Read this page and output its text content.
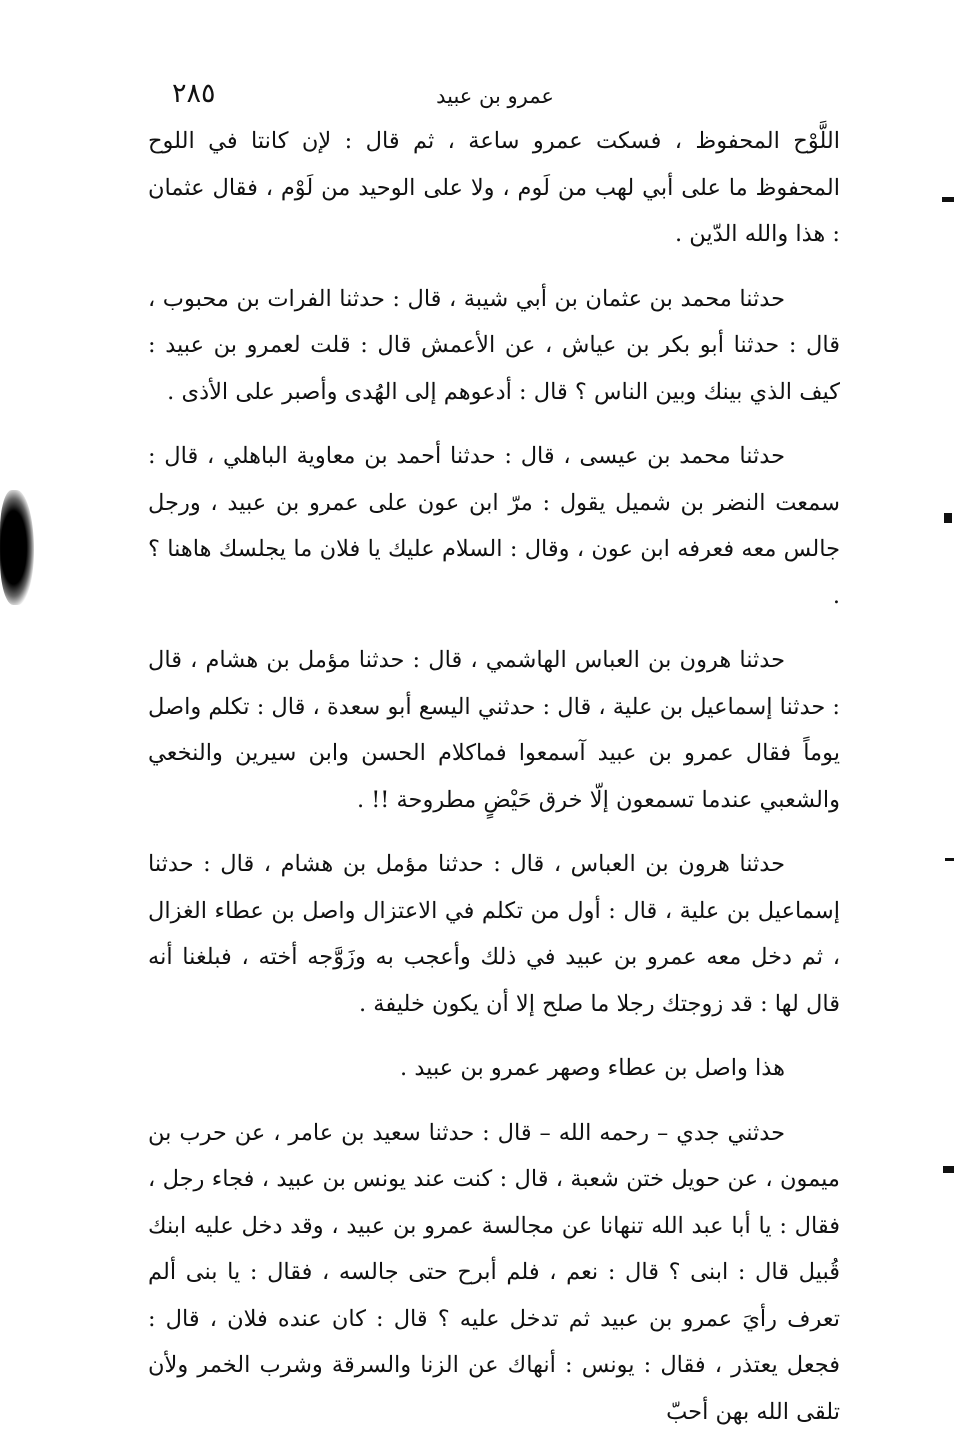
٢٨٥	عمرو بن عبيد

اللَّوْح المحفوظ ، فسكت عمرو ساعة ، ثم قال : لإن كانتا في اللوح المحفوظ ما على أبي لهب من لَوم ، ولا على الوحيد من لَوْم ، فقال عثمان : هذا والله الدّين .

حدثنا محمد بن عثمان بن أبي شيبة ، قال : حدثنا الفرات بن محبوب ، قال : حدثنا أبو بكر بن عياش ، عن الأعمش قال : قلت لعمرو بن عبيد : كيف الذي بينك وبين الناس ؟ قال : أدعوهم إلى الهُدى وأصبر على الأذى .

حدثنا محمد بن عيسى ، قال : حدثنا أحمد بن معاوية الباهلي ، قال : سمعت النضر بن شميل يقول : مرّ ابن عون على عمرو بن عبيد ، ورجل جالس معه فعرفه ابن عون ، وقال : السلام عليك يا فلان ما يجلسك هاهنا ؟ .

حدثنا هرون بن العباس الهاشمي ، قال : حدثنا مؤمل بن هشام ، قال : حدثنا إسماعيل بن علية ، قال : حدثني اليسع أبو سعدة ، قال : تكلم واصل يوماً فقال عمرو بن عبيد آسمعوا فماكلام الحسن وابن سيرين والنخعي والشعبي عندما تسمعون إلّا خرق حَيْضٍ مطروحة !! .

حدثنا هرون بن العباس ، قال : حدثنا مؤمل بن هشام ، قال : حدثنا إسماعيل بن علية ، قال : أول من تكلم في الاعتزال واصل بن عطاء الغزال ، ثم دخل معه عمرو بن عبيد في ذلك وأعجب به وزَوَّجه أخته ، فبلغنا أنه قال لها : قد زوجتك رجلا ما صلح إلا أن يكون خليفة .

هذا واصل بن عطاء وصهر عمرو بن عبيد .

حدثني جدي – رحمه الله – قال : حدثنا سعيد بن عامر ، عن حرب بن ميمون ، عن حويل ختن شعبة ، قال : كنت عند يونس بن عبيد ، فجاء رجل ، فقال : يا أبا عبد الله تنهانا عن مجالسة عمرو بن عبيد ، وقد دخل عليه ابنك قُبيل قال : ابنى ؟ قال : نعم ، فلم أبرح حتى جالسه ، فقال : يا بنى ألم تعرف رأيَ عمرو بن عبيد ثم تدخل عليه ؟ قال : كان عنده فلان ، قال : فجعل يعتذر ، فقال : يونس : أنهاك عن الزنا والسرقة وشرب الخمر ولأن تلقى الله بهن أحبّ
